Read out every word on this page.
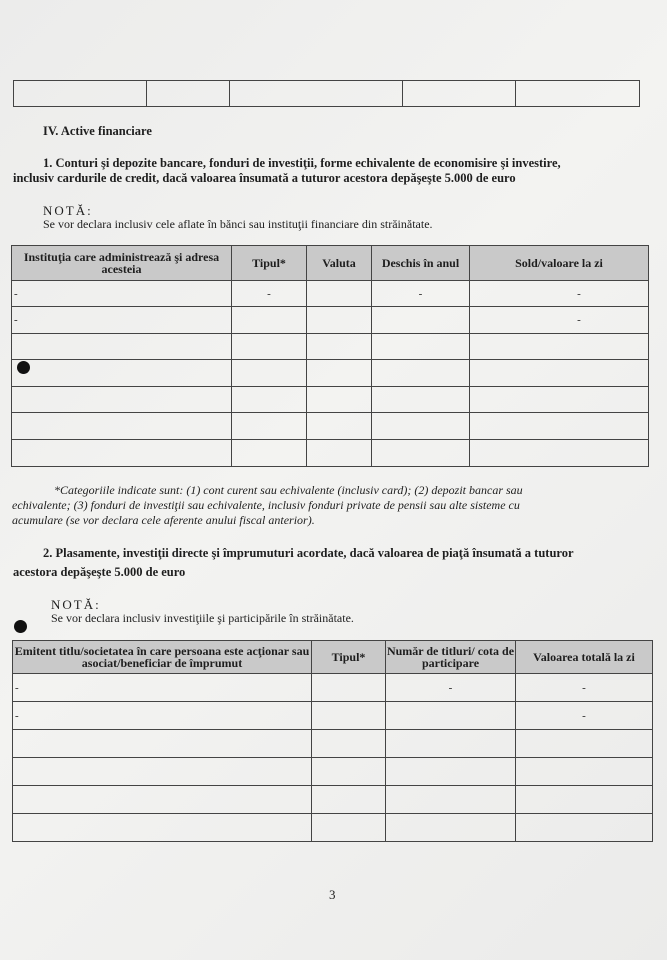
IV. Active financiare
1. Conturi şi depozite bancare, fonduri de investiţii, forme echivalente de economisire şi investire,
inclusiv cardurile de credit, dacă valoarea însumată a tuturor acestora depăşeşte 5.000 de euro
NOTĂ:
Se vor declara inclusiv cele aflate în bănci sau instituţii financiare din străinătate.
Instituţia care administrează şi adresa acesteia	Tipul*	Valuta	Deschis în anul	Sold/valoare la zi
-	-		-	-
-				-

*Categoriile indicate sunt: (1) cont curent sau echivalente (inclusiv card); (2) depozit bancar sau
echivalente; (3) fonduri de investiţii sau echivalente, inclusiv fonduri private de pensii sau alte sisteme cu
acumulare (se vor declara cele aferente anului fiscal anterior).
2. Plasamente, investiţii directe şi împrumuturi acordate, dacă valoarea de piaţă însumată a tuturor
acestora depăşeşte 5.000 de euro
NOTĂ:
Se vor declara inclusiv investiţiile şi participările în străinătate.
Emitent titlu/societatea în care persoana este acţionar sau asociat/beneficiar de împrumut	Tipul*	Număr de titluri/ cota de participare	Valoarea totală la zi
-		-	-
-			-

3
